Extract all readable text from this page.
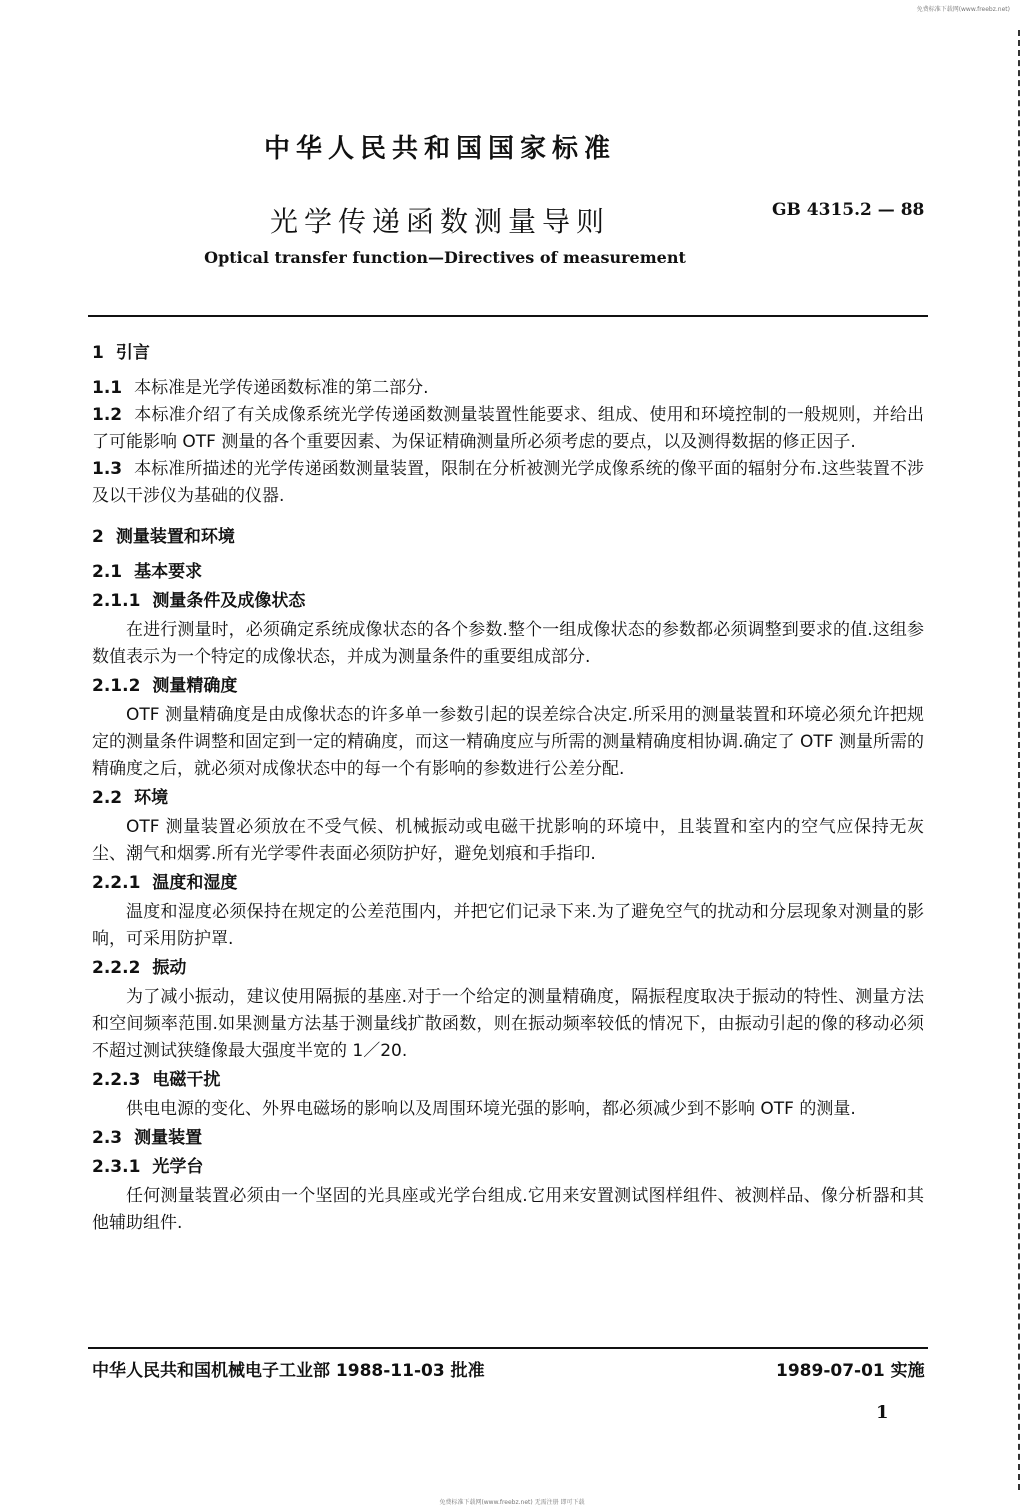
免费标准下载网(www.freebz.net)
中华人民共和国国家标准
光学传递函数测量导则	GB 4315.2 — 88
Optical transfer function—Directives of measurement
1 引言
1.1 本标准是光学传递函数标准的第二部分.
1.2 本标准介绍了有关成像系统光学传递函数测量装置性能要求、组成、使用和环境控制的一般规则，并给出了可能影响 OTF 测量的各个重要因素、为保证精确测量所必须考虑的要点，以及测得数据的修正因子.
1.3 本标准所描述的光学传递函数测量装置，限制在分析被测光学成像系统的像平面的辐射分布.这些装置不涉及以干涉仪为基础的仪器.
2 测量装置和环境
2.1 基本要求
2.1.1 测量条件及成像状态
在进行测量时，必须确定系统成像状态的各个参数.整个一组成像状态的参数都必须调整到要求的值.这组参数值表示为一个特定的成像状态，并成为测量条件的重要组成部分.
2.1.2 测量精确度
OTF 测量精确度是由成像状态的许多单一参数引起的误差综合决定.所采用的测量装置和环境必须允许把规定的测量条件调整和固定到一定的精确度，而这一精确度应与所需的测量精确度相协调.确定了 OTF 测量所需的精确度之后，就必须对成像状态中的每一个有影响的参数进行公差分配.
2.2 环境
OTF 测量装置必须放在不受气候、机械振动或电磁干扰影响的环境中，且装置和室内的空气应保持无灰尘、潮气和烟雾.所有光学零件表面必须防护好，避免划痕和手指印.
2.2.1 温度和湿度
温度和湿度必须保持在规定的公差范围内，并把它们记录下来.为了避免空气的扰动和分层现象对测量的影响，可采用防护罩.
2.2.2 振动
为了减小振动，建议使用隔振的基座.对于一个给定的测量精确度，隔振程度取决于振动的特性、测量方法和空间频率范围.如果测量方法基于测量线扩散函数，则在振动频率较低的情况下，由振动引起的像的移动必须不超过测试狭缝像最大强度半宽的 1／20.
2.2.3 电磁干扰
供电电源的变化、外界电磁场的影响以及周围环境光强的影响，都必须减少到不影响 OTF 的测量.
2.3 测量装置
2.3.1 光学台
任何测量装置必须由一个坚固的光具座或光学台组成.它用来安置测试图样组件、被测样品、像分析器和其他辅助组件.
中华人民共和国机械电子工业部 1988-11-03 批准	1989-07-01 实施
1
免费标准下载网(www.freebz.net) 无需注册 即可下载
